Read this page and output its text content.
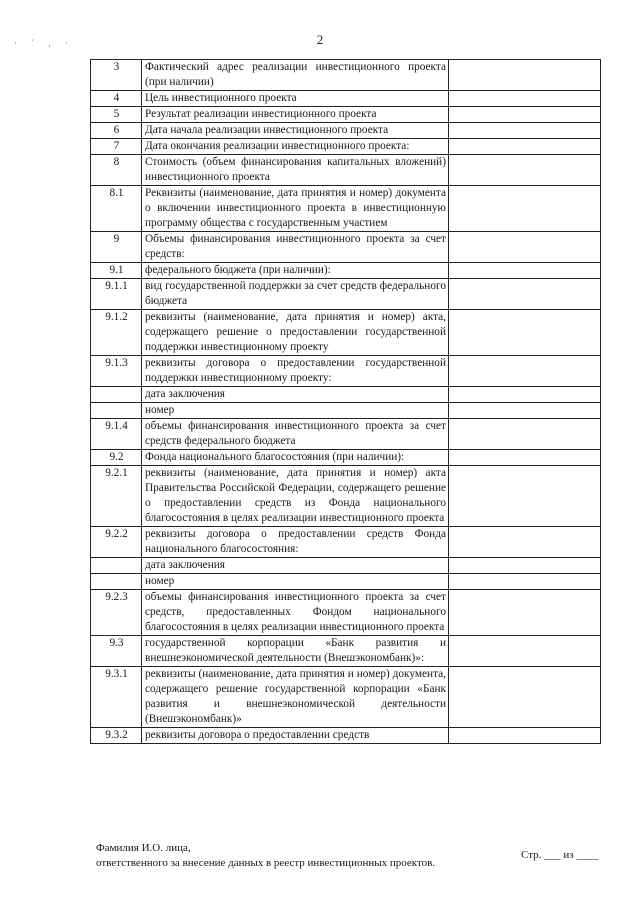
· ˊ , ·	2
3	Фактический адрес реализации инвестиционного проекта (при наличии)	
4	Цель инвестиционного проекта	
5	Результат реализации инвестиционного проекта	
6	Дата начала реализации инвестиционного проекта	
7	Дата окончания реализации инвестиционного проекта:	
8	Стоимость (объем финансирования капитальных вложений) инвестиционного проекта	
8.1	Реквизиты (наименование, дата принятия и номер) документа о включении инвестиционного проекта в инвестиционную программу общества с государственным участием	
9	Объемы финансирования инвестиционного проекта за счет средств:	
9.1	федерального бюджета (при наличии):	
9.1.1	вид государственной поддержки за счет средств федерального бюджета	
9.1.2	реквизиты (наименование, дата принятия и номер) акта, содержащего решение о предоставлении государственной поддержки инвестиционному проекту	
9.1.3	реквизиты договора о предоставлении государственной поддержки инвестиционному проекту:	
	дата заключения	
	номер	
9.1.4	объемы финансирования инвестиционного проекта за счет средств федерального бюджета	
9.2	Фонда национального благосостояния (при наличии):	
9.2.1	реквизиты (наименование, дата принятия и номер) акта Правительства Российской Федерации, содержащего решение о предоставлении средств из Фонда национального благосостояния в целях реализации инвестиционного проекта	
9.2.2	реквизиты договора о предоставлении средств Фонда национального благосостояния:	
	дата заключения	
	номер	
9.2.3	объемы финансирования инвестиционного проекта за счет средств, предоставленных Фондом национального благосостояния в целях реализации инвестиционного проекта	
9.3	государственной корпорации «Банк развития и внешнеэкономической деятельности (Внешэкономбанк)»:	
9.3.1	реквизиты (наименование, дата принятия и номер) документа, содержащего решение государственной корпорации «Банк развития и внешнеэкономической деятельности (Внешэкономбанк)»	
9.3.2	реквизиты договора о предоставлении средств	
Фамилия И.О. лица,
ответственного за внесение данных в реестр инвестиционных проектов.
Стр. ___ из ____
